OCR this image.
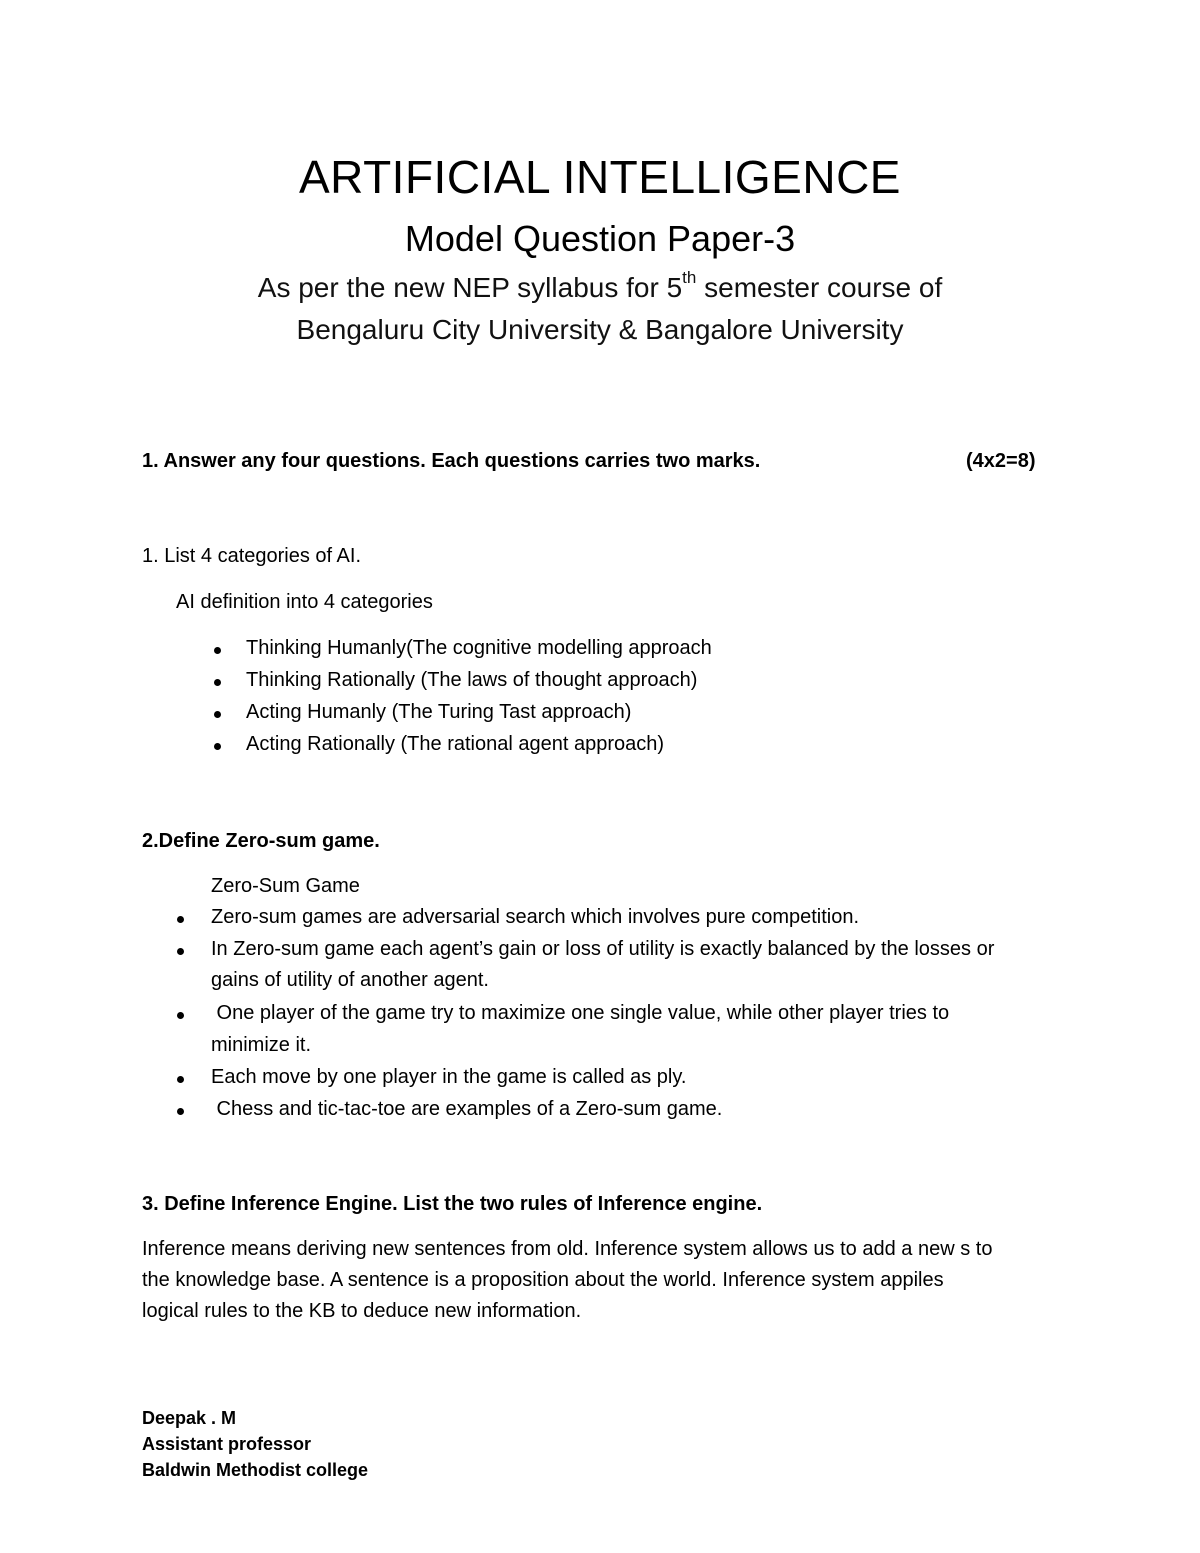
ARTIFICIAL INTELLIGENCE
Model Question Paper-3
As per the new NEP syllabus for 5th semester course of
Bengaluru City University & Bangalore University
1. Answer any four questions. Each questions carries two marks.	(4x2=8)
1. List 4 categories of AI.
AI definition into 4 categories
Thinking Humanly(The cognitive modelling approach
Thinking Rationally (The laws of thought approach)
Acting Humanly (The Turing Tast approach)
Acting Rationally (The rational agent approach)
2.Define Zero-sum game.
Zero-Sum Game
Zero-sum games are adversarial search which involves pure competition.
In Zero-sum game each agent’s gain or loss of utility is exactly balanced by the losses or
gains of utility of another agent.
One player of the game try to maximize one single value, while other player tries to
minimize it.
Each move by one player in the game is called as ply.
Chess and tic-tac-toe are examples of a Zero-sum game.
3. Define Inference Engine. List the two rules of Inference engine.
Inference means deriving new sentences from old. Inference system allows us to add a new s to
the knowledge base. A sentence is a proposition about the world. Inference system appiles
logical rules to the KB to deduce new information.
Deepak . M
Assistant professor
Baldwin Methodist college
